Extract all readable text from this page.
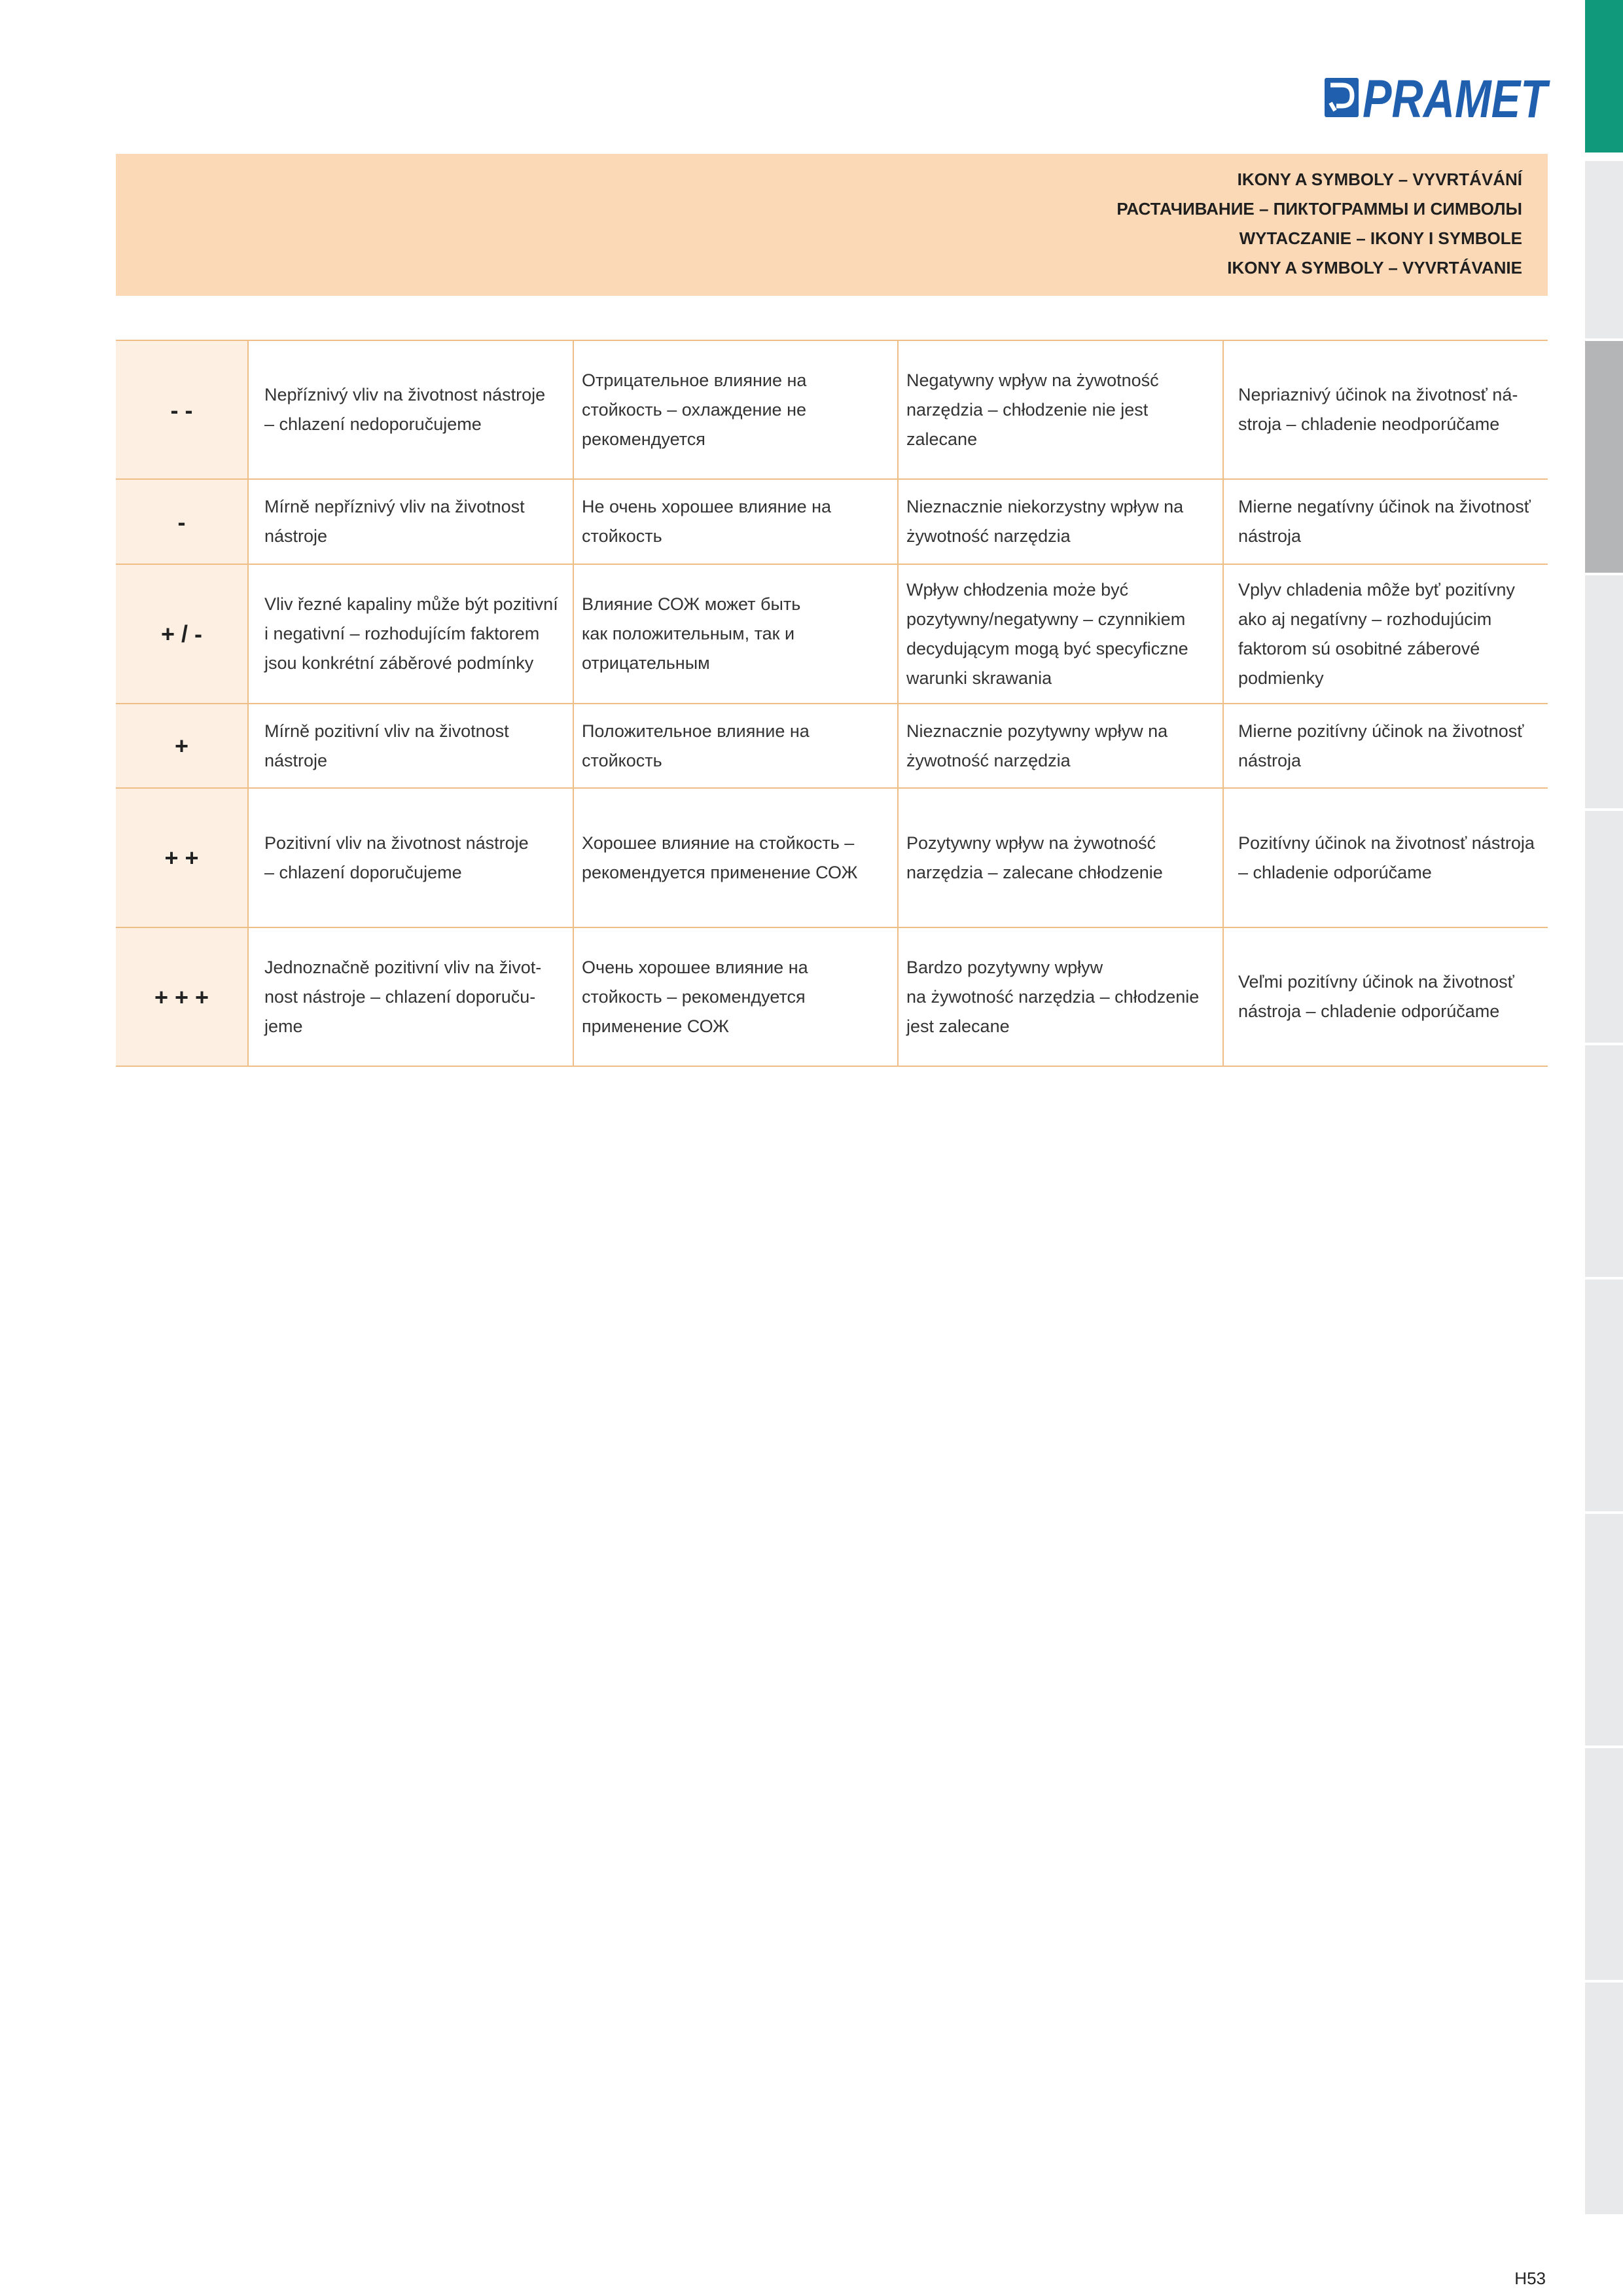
PRAMET
IKONY A SYMBOLY – VYVRTÁVÁNÍ
РАСТАЧИВАНИЕ – ПИКТОГРАММЫ И СИМВОЛЫ
WYTACZANIE – IKONY I SYMBOLE
IKONY A SYMBOLY – VYVRTÁVANIE
- -
Nepříznivý vliv na životnost nástroje
– chlazení nedoporučujeme
Отрицательное влияние на
стойкость – охлаждение не
рекомендуется
Negatywny wpływ na żywotność
narzędzia – chłodzenie nie jest
zalecane
Nepriaznivý účinok na životnosť ná-
stroja – chladenie neodporúčame
-
Mírně nepříznivý vliv na životnost
nástroje
Не очень хорошее влияние на
стойкость
Nieznacznie niekorzystny wpływ na
żywotność narzędzia
Mierne negatívny účinok na životnosť
nástroja
+ / -
Vliv řezné kapaliny může být pozitivní
i negativní – rozhodujícím faktorem
jsou konkrétní záběrové podmínky
Влияние СОЖ может быть
как положительным, так и
отрицательным
Wpływ chłodzenia może być
pozytywny/negatywny – czynnikiem
decydującym mogą być specyficzne
warunki skrawania
Vplyv chladenia môže byť pozitívny
ako aj negatívny – rozhodujúcim
faktorom sú osobitné záberové
podmienky
+
Mírně pozitivní vliv na životnost
nástroje
Положительное влияние на
стойкость
Nieznacznie pozytywny wpływ na
żywotność narzędzia
Mierne pozitívny účinok na životnosť
nástroja
+ +
Pozitivní vliv na životnost nástroje
– chlazení doporučujeme
Хорошее влияние на стойкость –
рекомендуется применение СОЖ
Pozytywny wpływ na żywotność
narzędzia – zalecane chłodzenie
Pozitívny účinok na životnosť nástroja
– chladenie odporúčame
+ + +
Jednoznačně pozitivní vliv na život-
nost nástroje – chlazení doporuču-
jeme
Очень хорошее влияние на
стойкость – рекомендуется
применение СОЖ
Bardzo pozytywny wpływ
na żywotność narzędzia – chłodzenie
jest zalecane
Veľmi pozitívny účinok na životnosť
nástroja – chladenie odporúčame
H53
